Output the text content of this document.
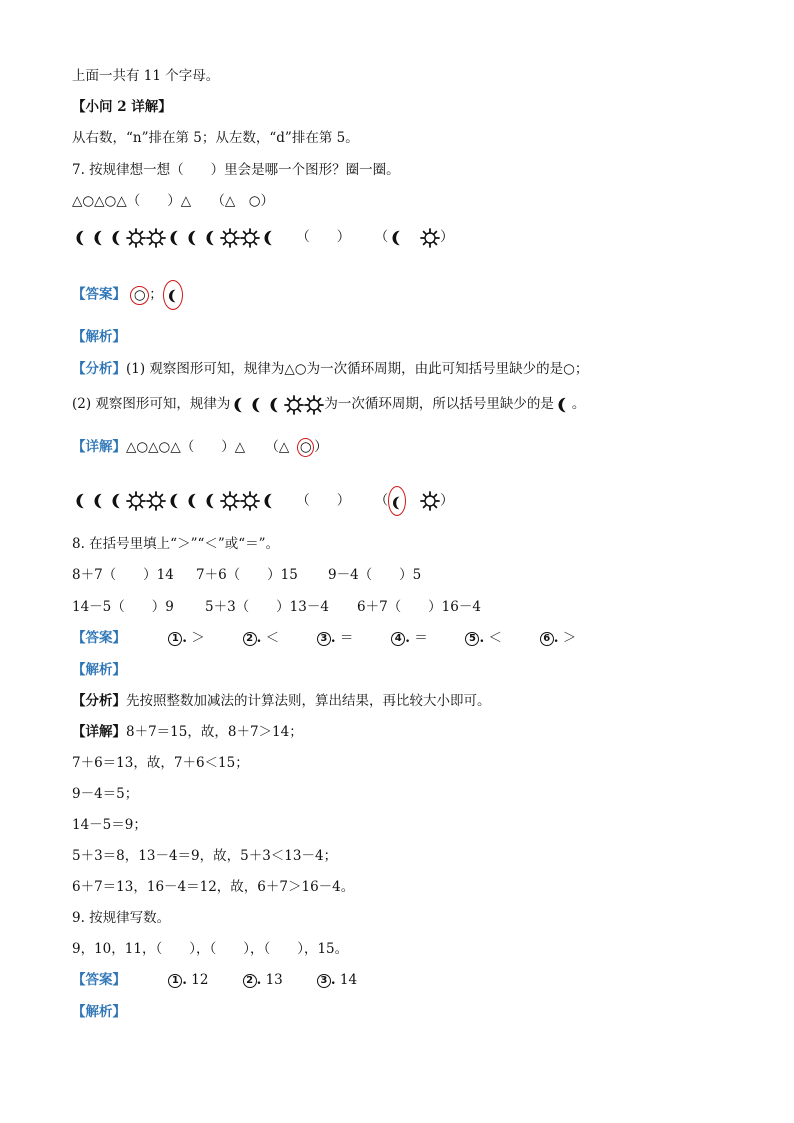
上面一共有 11 个字母。
【小问 2 详解】
从右数，“n”排在第 5；从左数，“d”排在第 5。
7. 按规律想一想（　　）里会是哪一个图形？圈一圈。
△○△○△（　　）△　　（△　○）
（　　） （	）
【答案】 ○ ；
【解析】
【分析】(1) 观察图形可知，规律为△○为一次循环周期，由此可知括号里缺少的是○；
(2) 观察图形可知，规律为	为一次循环周期，所以括号里缺少的是 。
【详解】△○△○△（　　）△　　（△ ○ ）
（　　） （	）
8. 在括号里填上“＞”“＜”或“＝”。
8＋7（　　）14 7＋6（　　）15 9－4（　　）5
14－5（　　）9 5＋3（　　）13－4 6＋7（　　）16－4
【答案】	1 . ＞	2 . ＜	3 . ＝	4 . ＝	5 . ＜	6 . ＞
【解析】
【分析】先按照整数加减法的计算法则，算出结果，再比较大小即可。
【详解】8＋7＝15，故，8＋7＞14；
7＋6＝13，故，7＋6＜15；
9－4＝5；
14－5＝9；
5＋3＝8，13－4＝9，故，5＋3＜13－4；
6＋7＝13，16－4＝12，故，6＋7＞16－4。
9. 按规律写数。
9，10，11，（　　），（　　），（　　），15。
【答案】	1 . 12	2 . 13	3 . 14
【解析】
